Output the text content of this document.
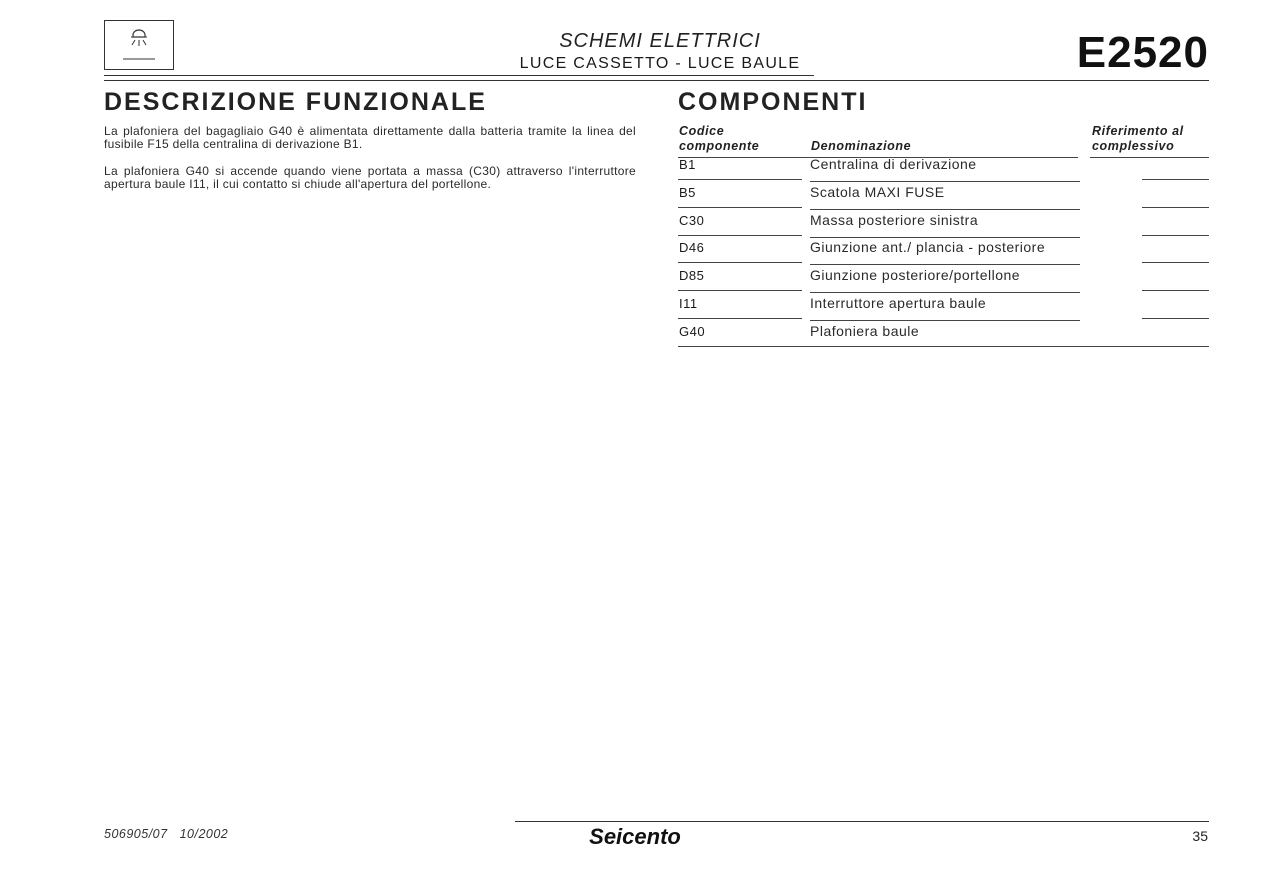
SCHEMI ELETTRICI
LUCE CASSETTO - LUCE BAULE	E2520
DESCRIZIONE FUNZIONALE
La plafoniera del bagagliaio G40 è alimentata direttamente dalla batteria tramite la linea del fusibile F15 della centralina di derivazione B1.
La plafoniera G40 si accende quando viene portata a massa (C30) attraverso l'interruttore apertura baule I11, il cui contatto si chiude all'apertura del portellone.
COMPONENTI
Codice
componente	Denominazione
Riferimento al
complessivo
B1	Centralina di derivazione
B5	Scatola MAXI FUSE
C30	Massa posteriore sinistra
D46	Giunzione ant./ plancia - posteriore
D85	Giunzione posteriore/portellone
I11	Interruttore apertura baule
G40	Plafoniera baule
506905/07 10/2002	Seicento	35
